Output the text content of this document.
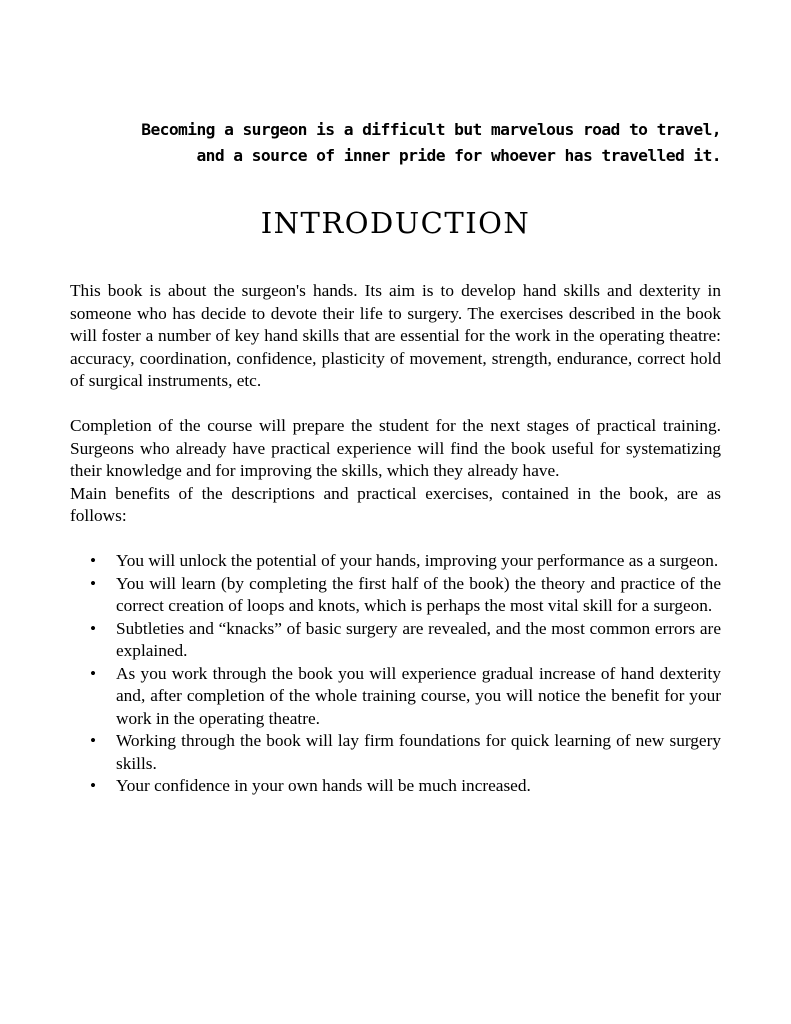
Becoming a surgeon is a difficult but marvelous road to travel,
and a source of inner pride for whoever has travelled it.
INTRODUCTION

This book is about the surgeon's hands. Its aim is to develop hand skills and dexterity in someone who has decide to devote their life to surgery. The exercises described in the book will foster a number of key hand skills that are essential for the work in the operating theatre: accuracy, coordination, confidence, plasticity of movement, strength, endurance, correct hold of surgical instruments, etc.

Completion of the course will prepare the student for the next stages of practical training. Surgeons who already have practical experience will find the book useful for systematizing their knowledge and for improving the skills, which they already have.

Main benefits of the descriptions and practical exercises, contained in the book, are as follows:

• You will unlock the potential of your hands, improving your performance as a surgeon.
• You will learn (by completing the first half of the book) the theory and practice of the correct creation of loops and knots, which is perhaps the most vital skill for a surgeon.
• Subtleties and “knacks” of basic surgery are revealed, and the most common errors are explained.
• As you work through the book you will experience gradual increase of hand dexterity and, after completion of the whole training course, you will notice the benefit for your work in the operating theatre.
• Working through the book will lay firm foundations for quick learning of new surgery skills.
• Your confidence in your own hands will be much increased.
